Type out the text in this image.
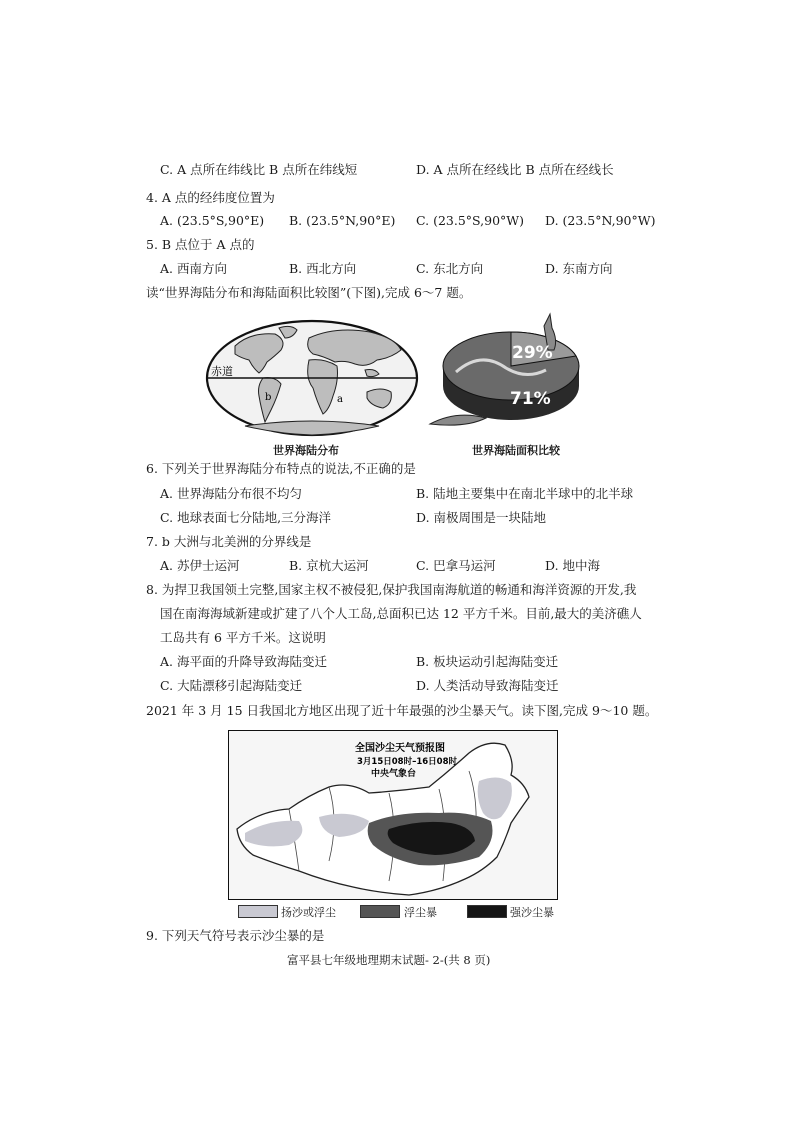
C. A 点所在纬线比 B 点所在纬线短	D. A 点所在经线比 B 点所在经线长
4. A 点的经纬度位置为
A. (23.5°S,90°E) B. (23.5°N,90°E) C. (23.5°S,90°W) D. (23.5°N,90°W)
5. B 点位于 A 点的
A. 西南方向	B. 西北方向	C. 东北方向	D. 东南方向
读“世界海陆分布和海陆面积比较图”(下图),完成 6～7 题。
赤道
b	a
世界海陆分布
29%
71%
世界海陆面积比较
6. 下列关于世界海陆分布特点的说法,不正确的是
A. 世界海陆分布很不均匀	B. 陆地主要集中在南北半球中的北半球
C. 地球表面七分陆地,三分海洋	D. 南极周围是一块陆地
7. b 大洲与北美洲的分界线是
A. 苏伊士运河	B. 京杭大运河	C. 巴拿马运河	D. 地中海
8. 为捍卫我国领土完整,国家主权不被侵犯,保护我国南海航道的畅通和海洋资源的开发,我
国在南海海域新建或扩建了八个人工岛,总面积已达 12 平方千米。目前,最大的美济礁人
工岛共有 6 平方千米。这说明
A. 海平面的升降导致海陆变迁	B. 板块运动引起海陆变迁
C. 大陆漂移引起海陆变迁	D. 人类活动导致海陆变迁
2021 年 3 月 15 日我国北方地区出现了近十年最强的沙尘暴天气。读下图,完成 9～10 题。
全国沙尘天气预报图
3月15日08时–16日08时
中央气象台
扬沙或浮尘	浮尘暴	强沙尘暴
9. 下列天气符号表示沙尘暴的是
富平县七年级地理期末试题- 2-(共 8 页)
